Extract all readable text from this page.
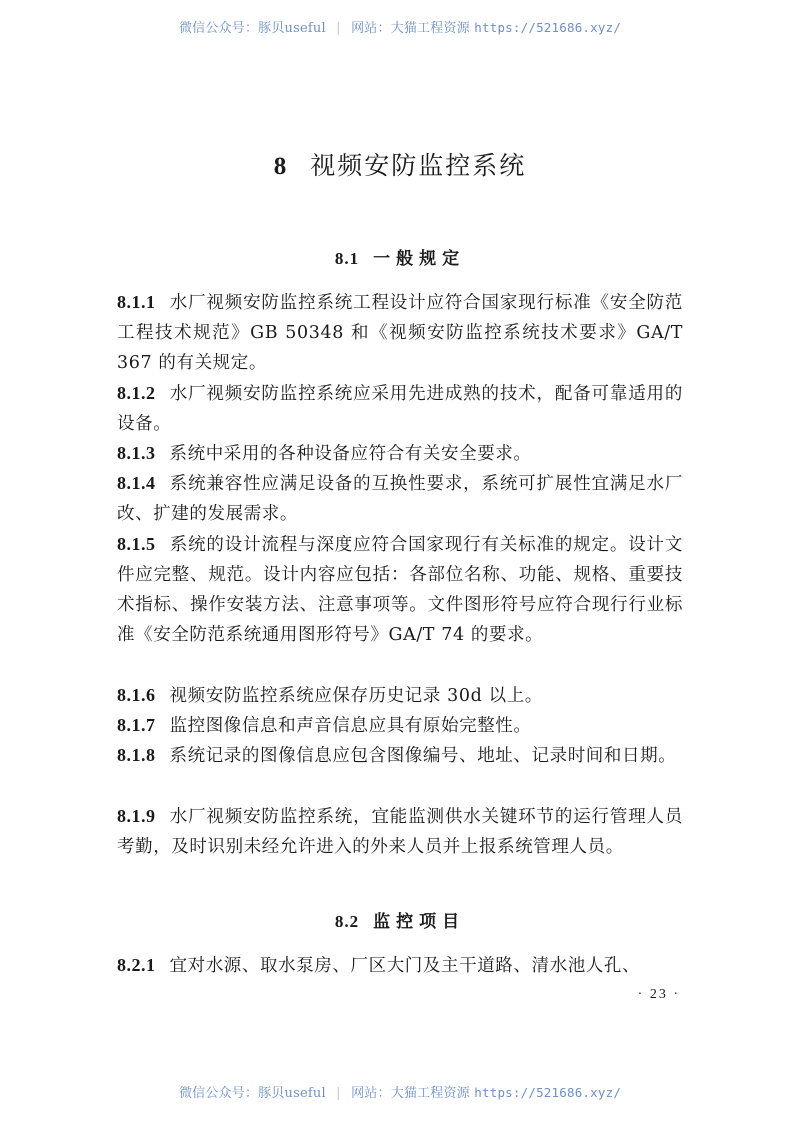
微信公众号：豚贝useful | 网站：大猫工程资源 https://521686.xyz/
8 视频安防监控系统
8.1 一般规定
8.1.1 水厂视频安防监控系统工程设计应符合国家现行标准《安全防范工程技术规范》GB 50348 和《视频安防监控系统技术要求》GA/T 367 的有关规定。
8.1.2 水厂视频安防监控系统应采用先进成熟的技术，配备可靠适用的设备。
8.1.3 系统中采用的各种设备应符合有关安全要求。
8.1.4 系统兼容性应满足设备的互换性要求，系统可扩展性宜满足水厂改、扩建的发展需求。
8.1.5 系统的设计流程与深度应符合国家现行有关标准的规定。设计文件应完整、规范。设计内容应包括：各部位名称、功能、规格、重要技术指标、操作安装方法、注意事项等。文件图形符号应符合现行行业标准《安全防范系统通用图形符号》GA/T 74 的要求。
8.1.6 视频安防监控系统应保存历史记录 30d 以上。
8.1.7 监控图像信息和声音信息应具有原始完整性。
8.1.8 系统记录的图像信息应包含图像编号、地址、记录时间和日期。
8.1.9 水厂视频安防监控系统，宜能监测供水关键环节的运行管理人员考勤，及时识别未经允许进入的外来人员并上报系统管理人员。
8.2 监控项目
8.2.1 宜对水源、取水泵房、厂区大门及主干道路、清水池人孔、
· 23 ·
微信公众号：豚贝useful | 网站：大猫工程资源 https://521686.xyz/
